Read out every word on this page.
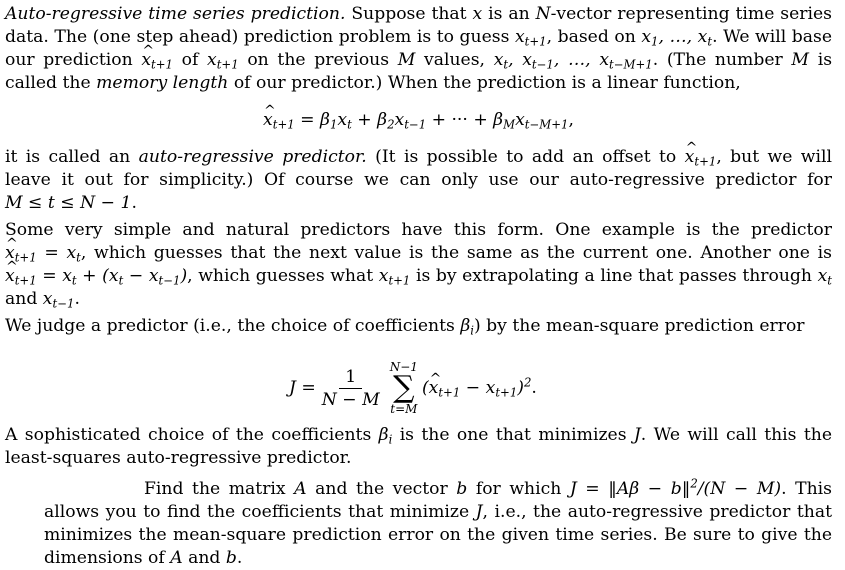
Auto-regressive time series prediction. Suppose that x is an N-vector representing time series data. The (one step ahead) prediction problem is to guess $x_{t+1}$, based on $x_1$, …, $x_t$. We will base our prediction ^ $x_{t+1}$ of $x_{t+1}$ on the previous M values, $x_t$, $x_{t-1}$, …, $x_{t-M+1}$. (The number M is called the memory length of our predictor.) When the prediction is a linear function,

^ $x_{t+1} = \beta_1x_t + \beta_2x_{t-1}$ + ··· + $\beta_Mx_{t-M+1}$,

it is called an auto-regressive predictor. (It is possible to add an offset to ^ $x_{t+1}$, but we will leave it out for simplicity.) Of course we can only use our auto-regressive predictor for M ≤ t ≤ N − 1.

Some very simple and natural predictors have this form. One example is the predictor ^ $x_{t+1} = x_t$, which guesses that the next value is the same as the current one. Another one is ^ $x_{t+1} = x_t + (x_t - x_{t-1})$, which guesses what $x_{t+1}$ is by extrapolating a line that passes through $x_t$ and $x_{t-1}$.

We judge a predictor (i.e., the choice of coefficients $\beta_i$) by the mean-square prediction error

$J = \frac{1}{N - M} N-1$
∑
t=M
(^ $x_{t+1} - x_{t+1})^2$.

A sophisticated choice of the coefficients $\beta_i$ is the one that minimizes J. We will call this the least-squares auto-regressive predictor.

Find the matrix A and the vector b for which J = ‖Aβ − b‖$^2$/(N − M). This allows you to find the coefficients that minimize J, i.e., the auto-regressive predictor that minimizes the mean-square prediction error on the given time series. Be sure to give the dimensions of A and b.
